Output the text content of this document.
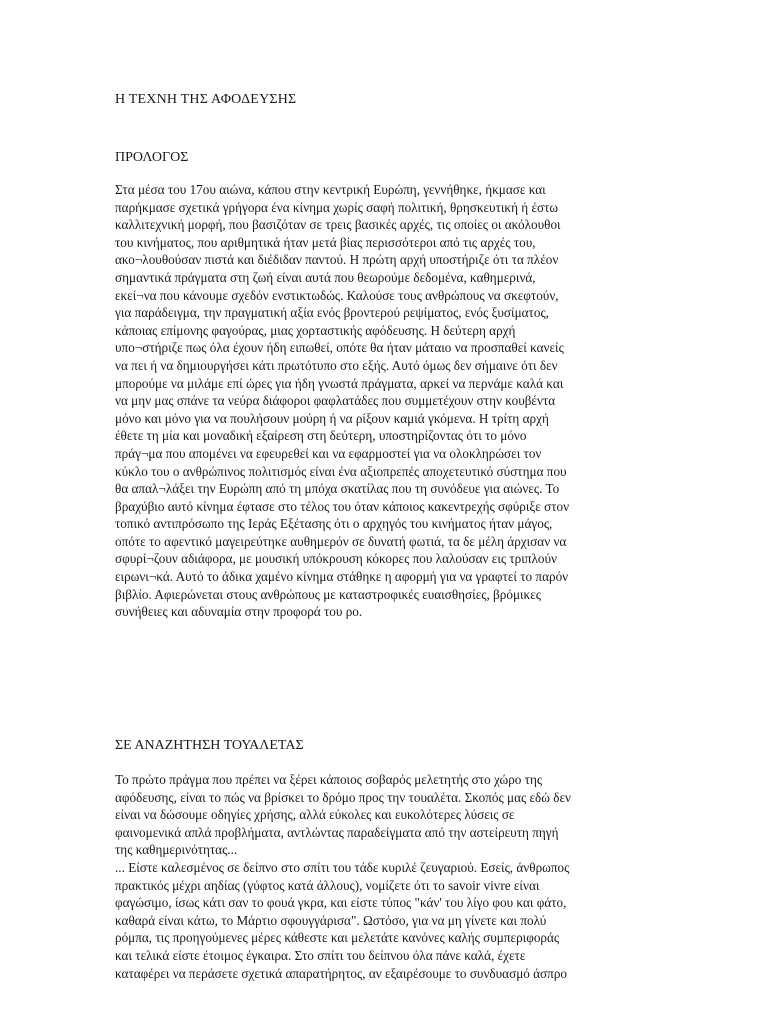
Η ΤΕΧΝΗ ΤΗΣ ΑΦΟΔΕΥΣΗΣ
ΠΡΟΛΟΓΟΣ
Στα μέσα του 17ου αιώνα, κάπου στην κεντρική Ευρώπη, γεννήθηκε, ήκμασε και
παρήκμασε σχετικά γρήγορα ένα κίνημα χωρίς σαφή πολιτική, θρησκευτική ή έστω
καλλιτεχνική μορφή, που βασιζόταν σε τρεις βασικές αρχές, τις οποίες οι ακόλουθοι
του κινήματος, που αριθμητικά ήταν μετά βίας περισσότεροι από τις αρχές του,
ακο¬λουθούσαν πιστά και διέδιδαν παντού. Η πρώτη αρχή υποστήριζε ότι τα πλέον
σημαντικά πράγματα στη ζωή είναι αυτά που θεωρούμε δεδομένα, καθημερινά,
εκεί¬να που κάνουμε σχεδόν ενστικτωδώς. Καλούσε τους ανθρώπους να σκεφτούν,
για παράδειγμα, την πραγματική αξία ενός βροντερού ρεψίματος, ενός ξυσίματος,
κάποιας επίμονης φαγούρας, μιας χορταστικής αφόδευσης. Η δεύτερη αρχή
υπο¬στήριζε πως όλα έχουν ήδη ειπωθεί, οπότε θα ήταν μάταιο να προσπαθεί κανείς
να πει ή να δημιουργήσει κάτι πρωτότυπο στο εξής. Αυτό όμως δεν σήμαινε ότι δεν
μπορούμε να μιλάμε επί ώρες για ήδη γνωστά πράγματα, αρκεί να περνάμε καλά και
να μην μας σπάνε τα νεύρα διάφοροι φαφλατάδες που συμμετέχουν στην κουβέντα
μόνο και μόνο για να πουλήσουν μούρη ή να ρίξουν καμιά γκόμενα. Η τρίτη αρχή
έθετε τη μία και μοναδική εξαίρεση στη δεύτερη, υποστηρίζοντας ότι το μόνο
πράγ¬μα που απομένει να εφευρεθεί και να εφαρμοστεί για να ολοκληρώσει τον
κύκλο του ο ανθρώπινος πολιτισμός είναι ένα αξιοπρεπές αποχετευτικό σύστημα που
θα απαλ¬λάξει την Ευρώπη από τη μπόχα σκατίλας που τη συνόδευε για αιώνες. Το
βραχύβιο αυτό κίνημα έφτασε στο τέλος του όταν κάποιος κακεντρεχής σφύριξε στον
τοπικό αντιπρόσωπο της Ιεράς Εξέτασης ότι ο αρχηγός του κινήματος ήταν μάγος,
οπότε το αφεντικό μαγειρεύτηκε αυθημερόν σε δυνατή φωτιά, τα δε μέλη άρχισαν να
σφυρί¬ζουν αδιάφορα, με μουσική υπόκρουση κόκορες που λαλούσαν εις τριπλούν
ειρωνι¬κά. Αυτό το άδικα χαμένο κίνημα στάθηκε η αφορμή για να γραφτεί το παρόν
βιβλίο. Αφιερώνεται στους ανθρώπους με καταστροφικές ευαισθησίες, βρόμικες
συνήθειες και αδυναμία στην προφορά του ρο.
ΣΕ ΑΝΑΖΗΤΗΣΗ ΤΟΥΑΛΕΤΑΣ
Το πρώτο πράγμα που πρέπει να ξέρει κάποιος σοβαρός μελετητής στο χώρο της
αφόδευσης, είναι το πώς να βρίσκει το δρόμο προς την τουαλέτα. Σκοπός μας εδώ δεν
είναι να δώσουμε οδηγίες χρήσης, αλλά εύκολες και ευκολότερες λύσεις σε
φαινομενικά απλά προβλήματα, αντλώντας παραδείγματα από την αστείρευτη πηγή
της καθημερινότητας...
... Είστε καλεσμένος σε δείπνο στο σπίτι του τάδε κυριλέ ζευγαριού. Εσείς, άνθρωπος
πρακτικός μέχρι αηδίας (γύφτος κατά άλλους), νομίζετε ότι το savoir vivre είναι
φαγώσιμο, ίσως κάτι σαν το φουά γκρα, και είστε τύπος "κάν' του λίγο φου και φάτο,
καθαρά είναι κάτω, το Μάρτιο σφουγγάρισα". Ωστόσο, για να μη γίνετε και πολύ
ρόμπα, τις προηγούμενες μέρες κάθεστε και μελετάτε κανόνες καλής συμπεριφοράς
και τελικά είστε έτοιμος έγκαιρα. Στο σπίτι του δείπνου όλα πάνε καλά, έχετε
καταφέρει να περάσετε σχετικά απαρατήρητος, αν εξαιρέσουμε το συνδυασμό άσπρο
